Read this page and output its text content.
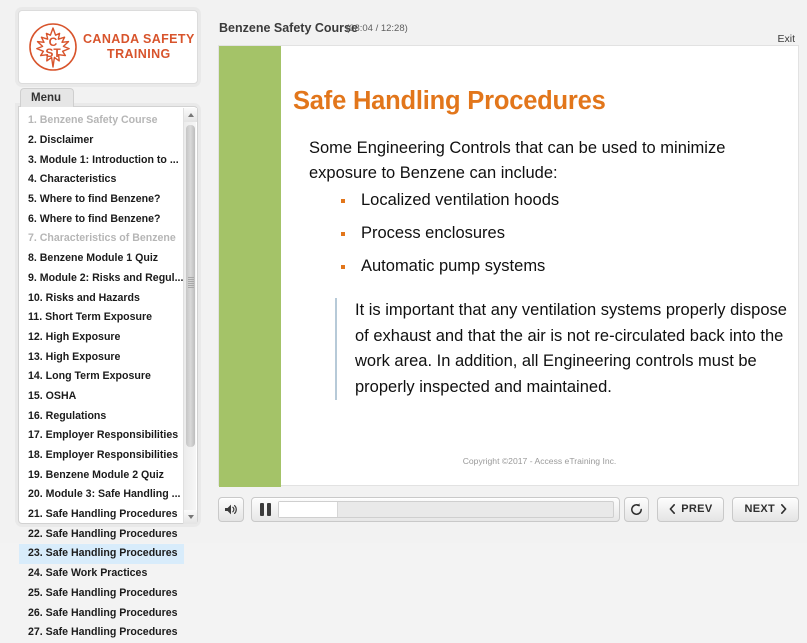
C
ST
CANADA SAFETY
TRAINING
Menu
1. Benzene Safety Course
2. Disclaimer
3. Module 1: Introduction to ...
4. Characteristics
5. Where to find Benzene?
6. Where to find Benzene?
7. Characteristics of Benzene
8. Benzene Module 1 Quiz
9. Module 2: Risks and Regul...
10. Risks and Hazards
11. Short Term Exposure
12. High Exposure
13. High Exposure
14. Long Term Exposure
15. OSHA
16. Regulations
17. Employer Responsibilities
18. Employer Responsibilities
19. Benzene Module 2 Quiz
20. Module 3: Safe Handling ...
21. Safe Handling Procedures
22. Safe Handling Procedures
23. Safe Handling Procedures
24. Safe Work Practices
25. Safe Handling Procedures
26. Safe Handling Procedures
27. Safe Handling Procedures
Benzene Safety Course
(08:04 / 12:28)
Exit
Safe Handling Procedures
Some Engineering Controls that can be used to minimize exposure to Benzene can include:
Localized ventilation hoods
Process enclosures
Automatic pump systems
It is important that any ventilation systems properly dispose of exhaust and that the air is not re-circulated back into the work area. In addition, all Engineering controls must be properly inspected and maintained.
Copyright ©2017 - Access eTraining Inc.
PREV	NEXT
